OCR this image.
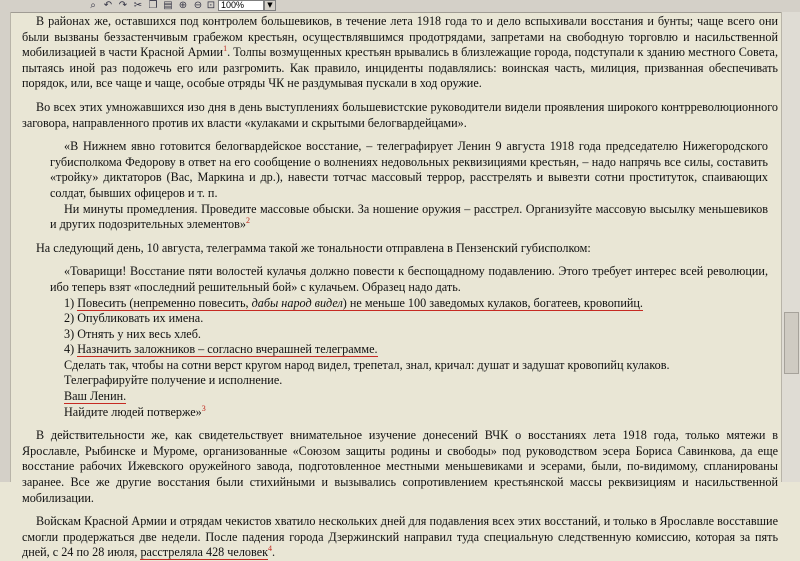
⌕ ↶ ↷ ✂ ❐ ▤ ⊕ ⊖ ⊡ 100%	▼

В районах же, оставшихся под контролем большевиков, в течение лета 1918 года то и дело вспыхивали восстания и бунты; чаще всего они были вызваны беззастенчивым грабежом крестьян, осуществлявшимся продотрядами, запретами на свободную торговлю и насильственной мобилизацией в части Красной Армии$^1$. Толпы возмущенных крестьян врывались в близлежащие города, подступали к зданию местного Совета, пытаясь иной раз подожечь его или разгромить. Как правило, инциденты подавлялись: воинская часть, милиция, призванная обеспечивать порядок, или, все чаще и чаще, особые отряды ЧК не раздумывая пускали в ход оружие.

Во всех этих умножавшихся изо дня в день выступлениях большевистские руководители видели проявления широкого контрреволюционного заговора, направленного против их власти «кулаками и скрытыми белогвардейцами».

«В Нижнем явно готовится белогвардейское восстание, – телеграфирует Ленин 9 августа 1918 года председателю Нижегородского губисполкома Федорову в ответ на его сообщение о волнениях недовольных реквизициями крестьян, – надо напрячь все силы, составить «тройку» диктаторов (Вас, Маркина и др.), навести тотчас массовый террор, расстрелять и вывезти сотни проституток, спаивающих солдат, бывших офицеров и т. п.

Ни минуты промедления. Проведите массовые обыски. За ношение оружия – расстрел. Организуйте массовую высылку меньшевиков и других подозрительных элементов»$^2$

На следующий день, 10 августа, телеграмма такой же тональности отправлена в Пензенский губисполком:

«Товарищи! Восстание пяти волостей кулачья должно повести к беспощадному подавлению. Этого требует интерес всей революции, ибо теперь взят «последний решительный бой» с кулачьем. Образец надо дать.

1) Повесить (непременно повесить, дабы народ видел) не меньше 100 заведомых кулаков, богатеев, кровопийц.
2) Опубликовать их имена.
3) Отнять у них весь хлеб.
4) Назначить заложников – согласно вчерашней телеграмме.
Сделать так, чтобы на сотни верст кругом народ видел, трепетал, знал, кричал: душат и задушат кровопийц кулаков.
Телеграфируйте получение и исполнение.
Ваш Ленин.
Найдите людей потверже»$^3$

В действительности же, как свидетельствует внимательное изучение донесений ВЧК о восстаниях лета 1918 года, только мятежи в Ярославле, Рыбинске и Муроме, организованные «Союзом защиты родины и свободы» под руководством эсера Бориса Савинкова, да еще восстание рабочих Ижевского оружейного завода, подготовленное местными меньшевиками и эсерами, были, по-видимому, спланированы заранее. Все же другие восстания были стихийными и вызывались сопротивлением крестьянской массы реквизициям и насильственной мобилизации.

Войскам Красной Армии и отрядам чекистов хватило нескольких дней для подавления всех этих восстаний, и только в Ярославле восставшие смогли продержаться две недели. После падения города Дзержинский направил туда специальную следственную комиссию, которая за пять дней, с 24 по 28 июля, расстреляла 428 человек$^4$.
